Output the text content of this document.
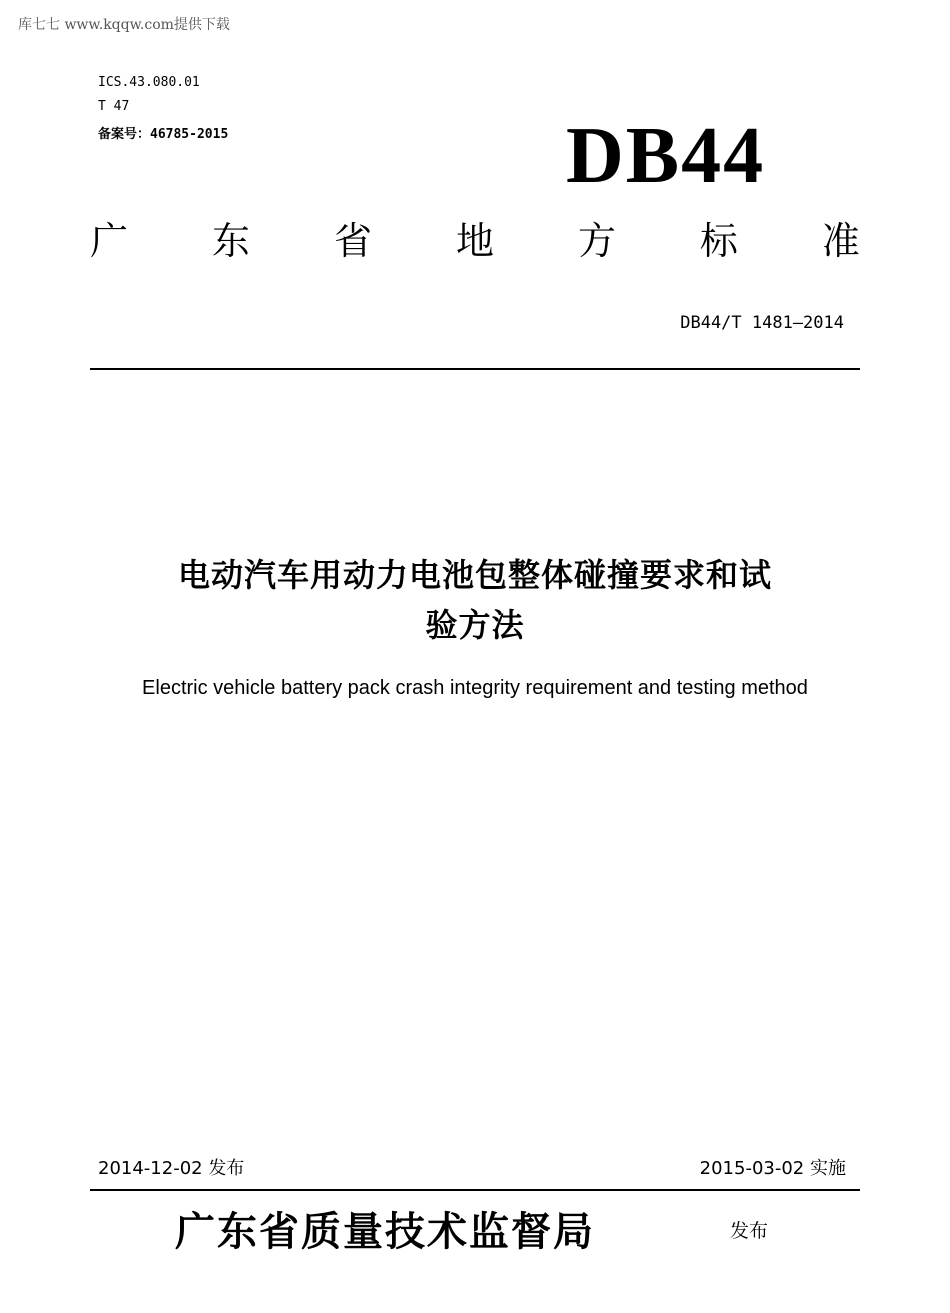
库七七 www.kqqw.com提供下载
ICS.43.080.01
T 47
备案号：46785-2015	DB44
广 东 省 地 方 标 准
DB44/T 1481—2014
电动汽车用动力电池包整体碰撞要求和试
验方法
Electric vehicle battery pack crash integrity requirement and testing method
2014-12-02 发布	2015-03-02 实施
广东省质量技术监督局	发布
